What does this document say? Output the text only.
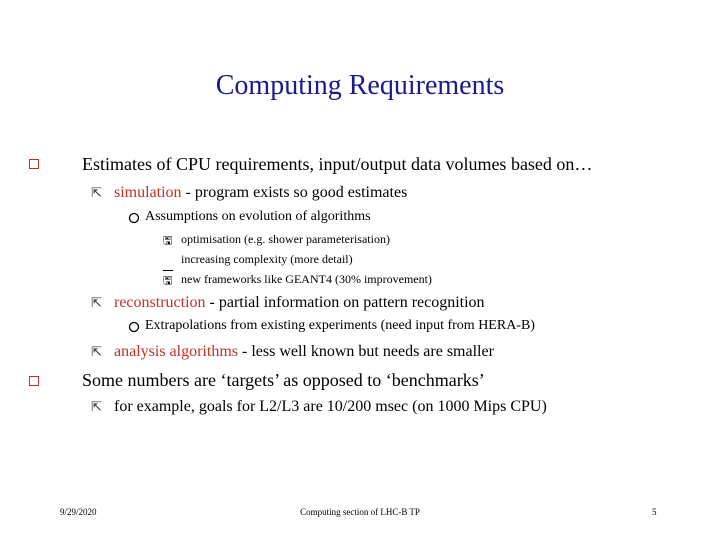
Computing Requirements
Estimates of CPU requirements, input/output data volumes based on…
⇱ simulation - program exists so good estimates
Assumptions on evolution of algorithms
🖫 optimisation (e.g. shower parameterisation)
increasing complexity (more detail)
🖫 new frameworks like GEANT4 (30% improvement)
⇱ reconstruction - partial information on pattern recognition
Extrapolations from existing experiments (need input from HERA-B)
⇱ analysis algorithms - less well known but needs are smaller
Some numbers are ‘targets’ as opposed to ‘benchmarks’
⇱ for example, goals for L2/L3 are 10/200 msec (on 1000 Mips CPU)
9/29/2020	Computing section of LHC-B TP	5
